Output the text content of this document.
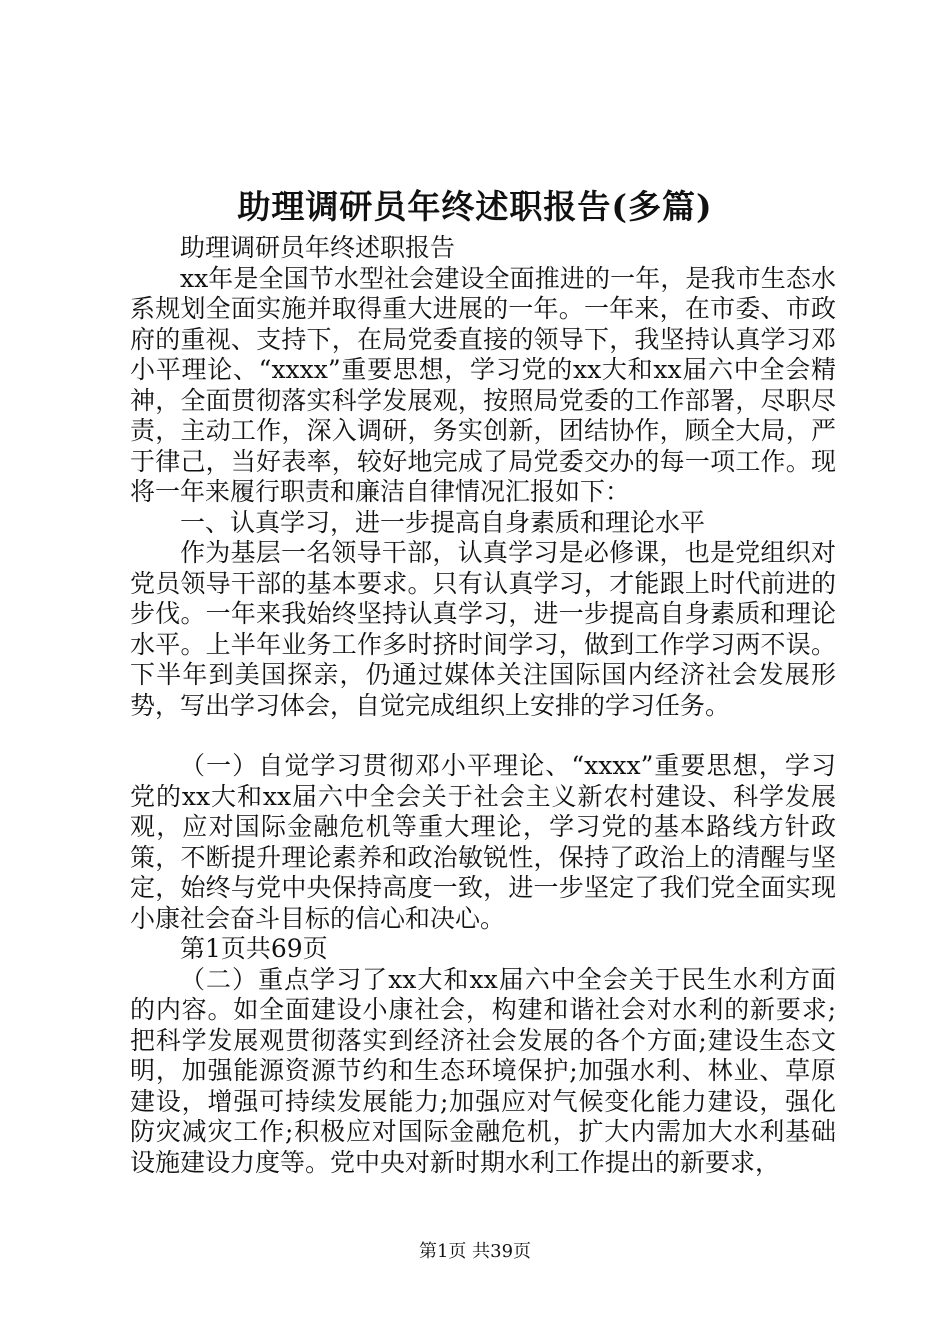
助理调研员年终述职报告(多篇)

助理调研员年终述职报告

xx年是全国节水型社会建设全面推进的一年，是我市生态水系规划全面实施并取得重大进展的一年。一年来，在市委、市政府的重视、支持下，在局党委直接的领导下，我坚持认真学习邓小平理论、“xxxx”重要思想，学习党的xx大和xx届六中全会精神，全面贯彻落实科学发展观，按照局党委的工作部署，尽职尽责，主动工作，深入调研，务实创新，团结协作，顾全大局，严于律己，当好表率，较好地完成了局党委交办的每一项工作。现将一年来履行职责和廉洁自律情况汇报如下：

一、认真学习，进一步提高自身素质和理论水平

作为基层一名领导干部，认真学习是必修课，也是党组织对党员领导干部的基本要求。只有认真学习，才能跟上时代前进的步伐。一年来我始终坚持认真学习，进一步提高自身素质和理论水平。上半年业务工作多时挤时间学习，做到工作学习两不误。下半年到美国探亲，仍通过媒体关注国际国内经济社会发展形势，写出学习体会，自觉完成组织上安排的学习任务。

（一）自觉学习贯彻邓小平理论、“xxxx”重要思想，学习党的xx大和xx届六中全会关于社会主义新农村建设、科学发展观，应对国际金融危机等重大理论，学习党的基本路线方针政策，不断提升理论素养和政治敏锐性，保持了政治上的清醒与坚定，始终与党中央保持高度一致，进一步坚定了我们党全面实现小康社会奋斗目标的信心和决心。

第1页共69页

（二）重点学习了xx大和xx届六中全会关于民生水利方面的内容。如全面建设小康社会，构建和谐社会对水利的新要求;把科学发展观贯彻落实到经济社会发展的各个方面;建设生态文明，加强能源资源节约和生态环境保护;加强水利、林业、草原建设，增强可持续发展能力;加强应对气候变化能力建设，强化防灾减灾工作;积极应对国际金融危机，扩大内需加大水利基础设施建设力度等。党中央对新时期水利工作提出的新要求，

第1页 共39页
